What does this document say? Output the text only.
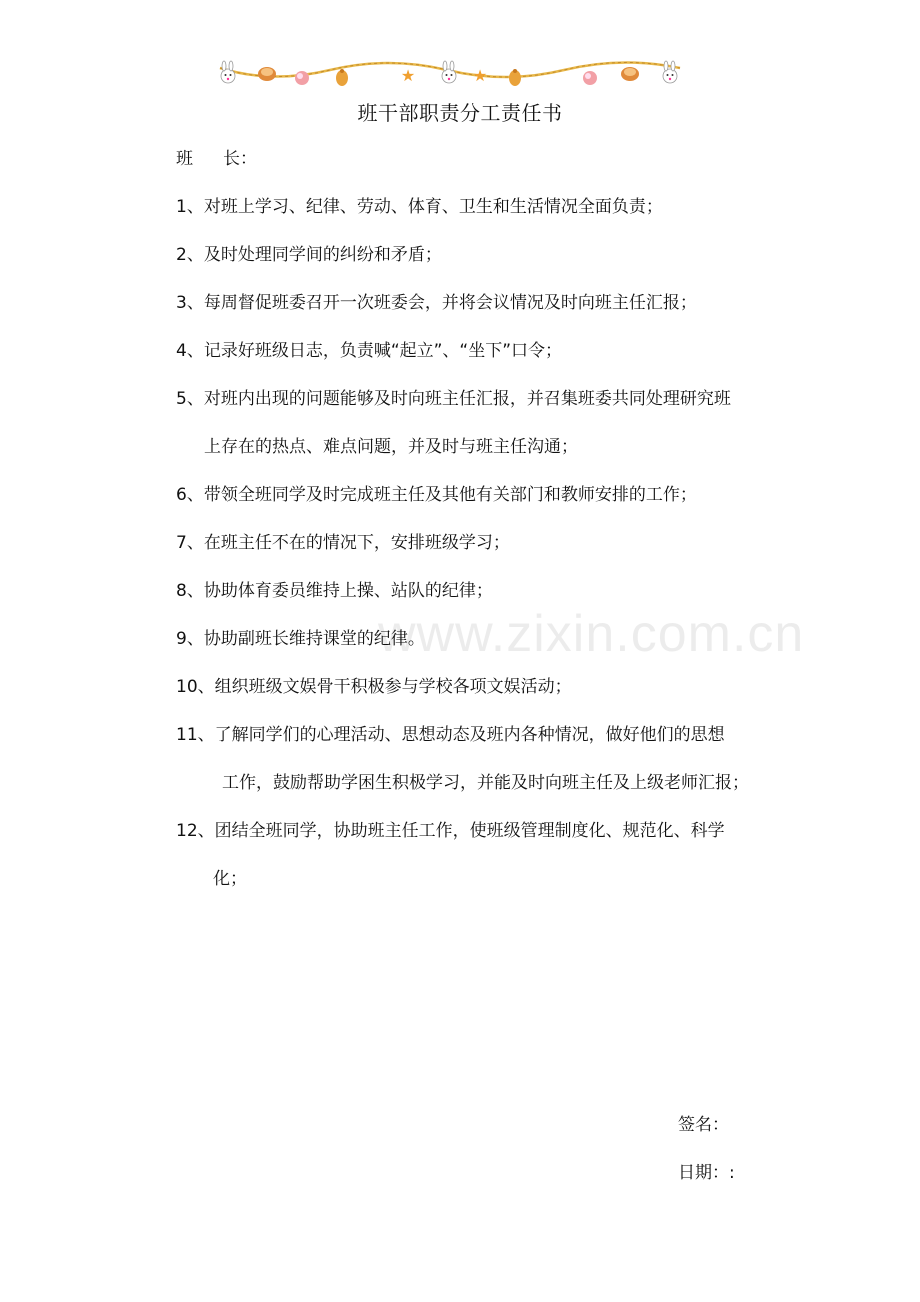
★	★
班干部职责分工责任书
班 长：
1、对班上学习、纪律、劳动、体育、卫生和生活情况全面负责；
2、及时处理同学间的纠纷和矛盾；
3、每周督促班委召开一次班委会，并将会议情况及时向班主任汇报；
4、记录好班级日志，负责喊“起立”、“坐下”口令；
5、对班内出现的问题能够及时向班主任汇报，并召集班委共同处理研究班
上存在的热点、难点问题，并及时与班主任沟通；
6、带领全班同学及时完成班主任及其他有关部门和教师安排的工作；
7、在班主任不在的情况下，安排班级学习；
8、协助体育委员维持上操、站队的纪律；
9、协助副班长维持课堂的纪律。
10、组织班级文娱骨干积极参与学校各项文娱活动；
11、了解同学们的心理活动、思想动态及班内各种情况，做好他们的思想
工作，鼓励帮助学困生积极学习，并能及时向班主任及上级老师汇报；
12、团结全班同学，协助班主任工作，使班级管理制度化、规范化、科学
化；
www.zixin.com.cn
签名：
日期：:
